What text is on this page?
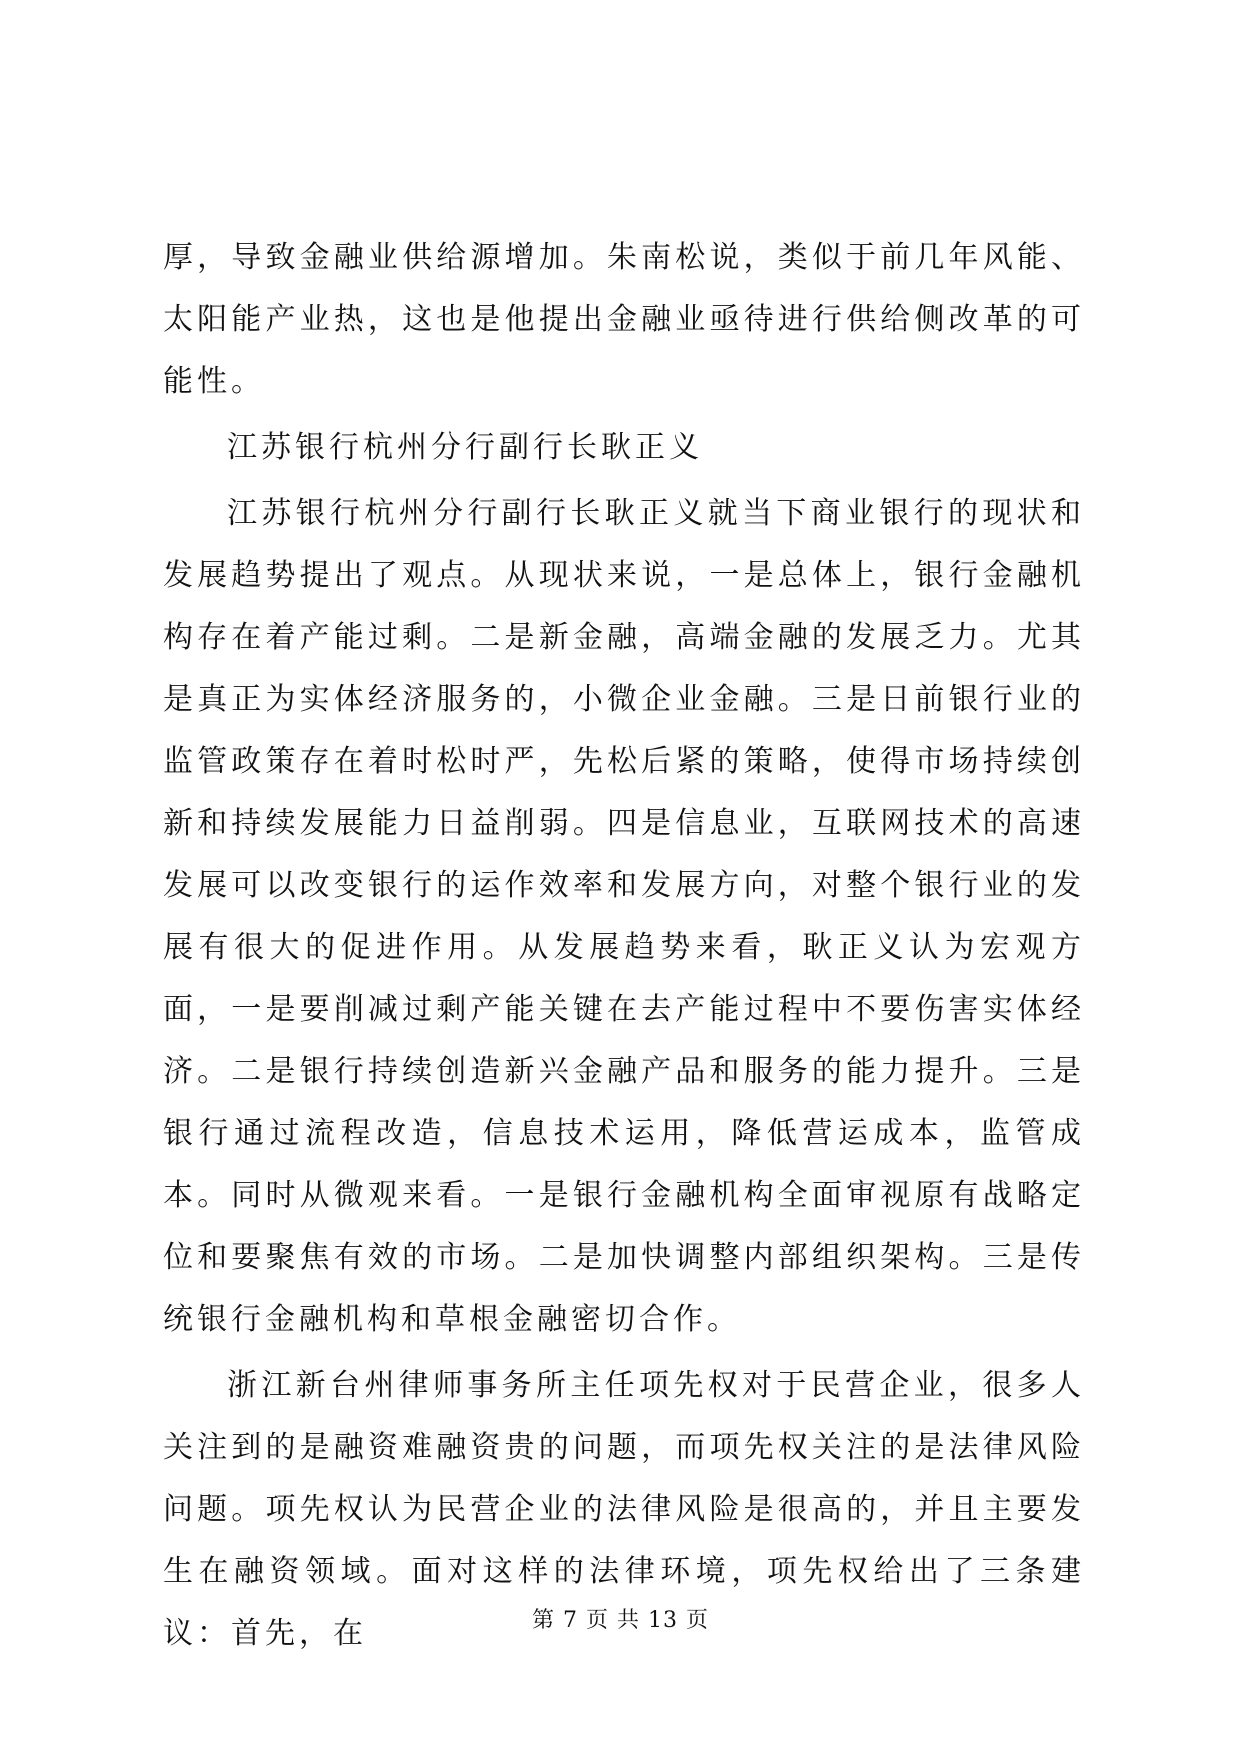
厚，导致金融业供给源增加。朱南松说，类似于前几年风能、太阳能产业热，这也是他提出金融业亟待进行供给侧改革的可能性。

江苏银行杭州分行副行长耿正义

江苏银行杭州分行副行长耿正义就当下商业银行的现状和发展趋势提出了观点。从现状来说，一是总体上，银行金融机构存在着产能过剩。二是新金融，高端金融的发展乏力。尤其是真正为实体经济服务的，小微企业金融。三是日前银行业的监管政策存在着时松时严，先松后紧的策略，使得市场持续创新和持续发展能力日益削弱。四是信息业，互联网技术的高速发展可以改变银行的运作效率和发展方向，对整个银行业的发展有很大的促进作用。从发展趋势来看，耿正义认为宏观方面，一是要削减过剩产能关键在去产能过程中不要伤害实体经济。二是银行持续创造新兴金融产品和服务的能力提升。三是银行通过流程改造，信息技术运用，降低营运成本，监管成本。同时从微观来看。一是银行金融机构全面审视原有战略定位和要聚焦有效的市场。二是加快调整内部组织架构。三是传统银行金融机构和草根金融密切合作。

浙江新台州律师事务所主任项先权对于民营企业，很多人关注到的是融资难融资贵的问题，而项先权关注的是法律风险问题。项先权认为民营企业的法律风险是很高的，并且主要发生在融资领域。面对这样的法律环境，项先权给出了三条建议：首先，在	第 7 页 共 13 页
